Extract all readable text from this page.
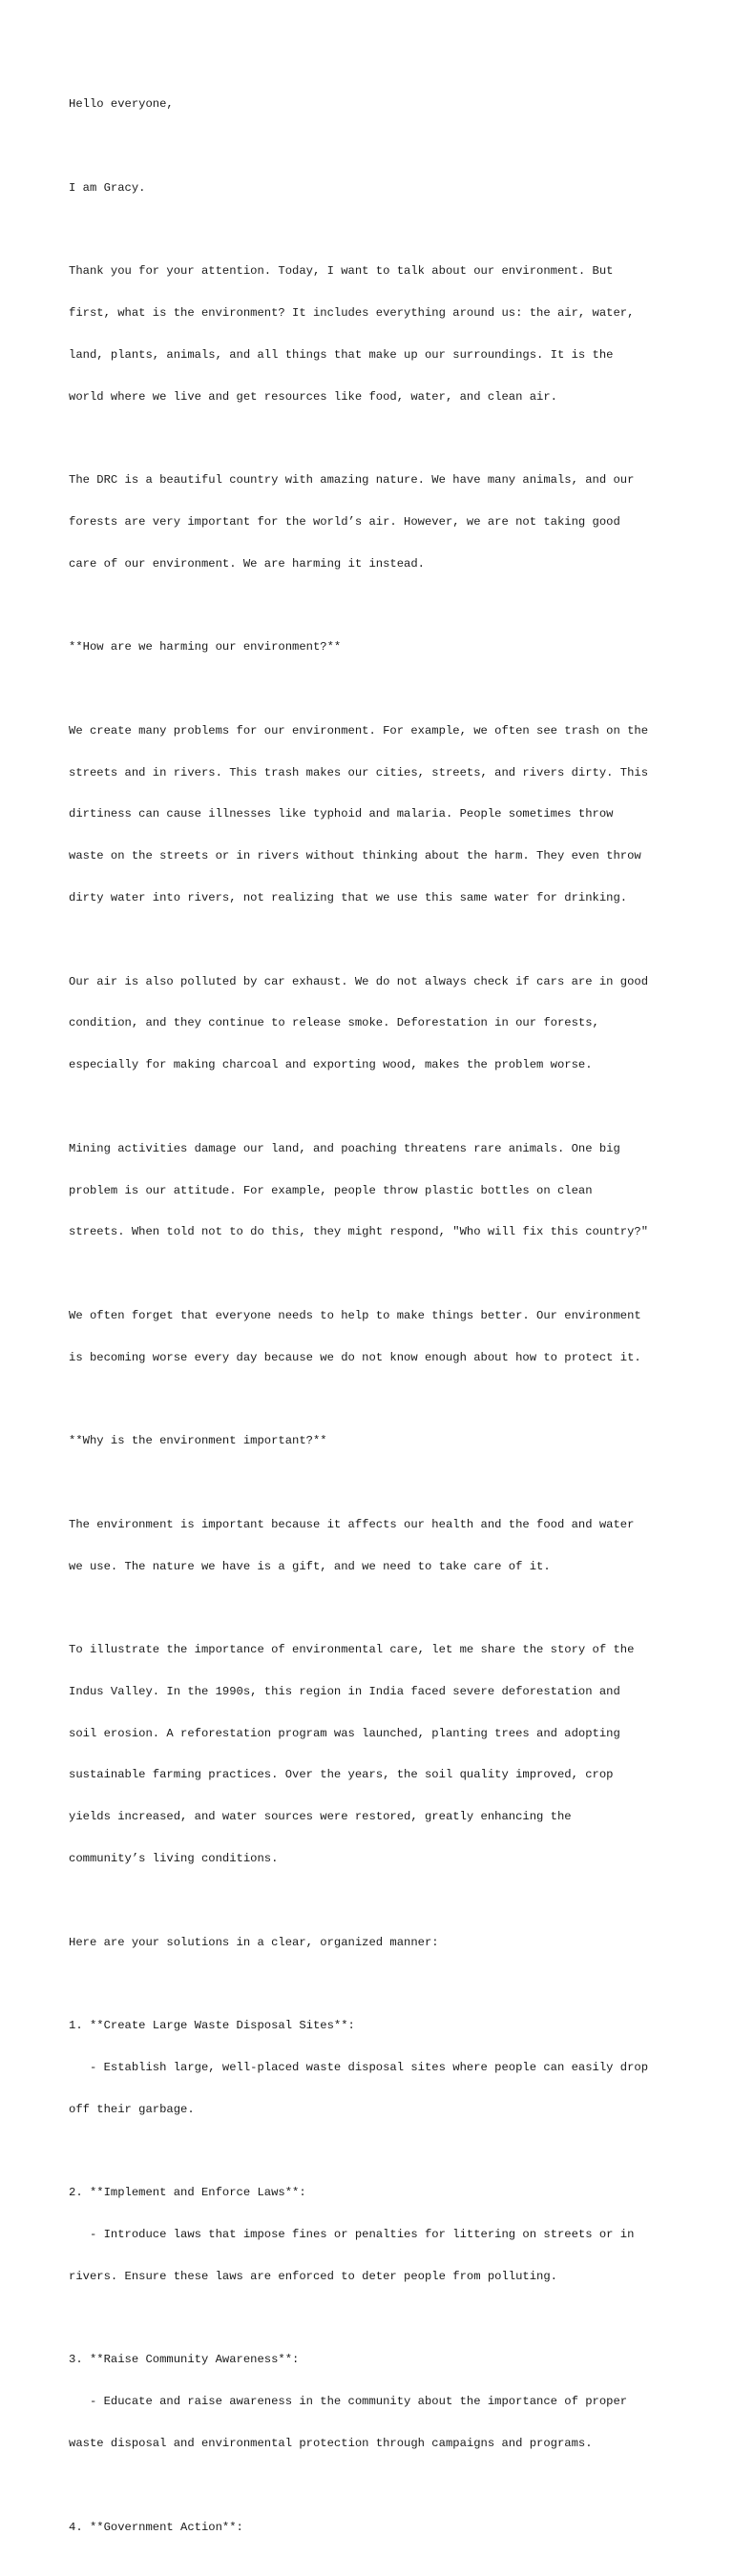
Hello everyone,

I am Gracy.

Thank you for your attention. Today, I want to talk about our environment. But

first, what is the environment? It includes everything around us: the air, water,

land, plants, animals, and all things that make up our surroundings. It is the

world where we live and get resources like food, water, and clean air.

The DRC is a beautiful country with amazing nature. We have many animals, and our

forests are very important for the world’s air. However, we are not taking good

care of our environment. We are harming it instead.

**How are we harming our environment?**

We create many problems for our environment. For example, we often see trash on the

streets and in rivers. This trash makes our cities, streets, and rivers dirty. This

dirtiness can cause illnesses like typhoid and malaria. People sometimes throw

waste on the streets or in rivers without thinking about the harm. They even throw

dirty water into rivers, not realizing that we use this same water for drinking.

Our air is also polluted by car exhaust. We do not always check if cars are in good

condition, and they continue to release smoke. Deforestation in our forests,

especially for making charcoal and exporting wood, makes the problem worse.

Mining activities damage our land, and poaching threatens rare animals. One big

problem is our attitude. For example, people throw plastic bottles on clean

streets. When told not to do this, they might respond, "Who will fix this country?"

We often forget that everyone needs to help to make things better. Our environment

is becoming worse every day because we do not know enough about how to protect it.

**Why is the environment important?**

The environment is important because it affects our health and the food and water

we use. The nature we have is a gift, and we need to take care of it.

To illustrate the importance of environmental care, let me share the story of the

Indus Valley. In the 1990s, this region in India faced severe deforestation and

soil erosion. A reforestation program was launched, planting trees and adopting

sustainable farming practices. Over the years, the soil quality improved, crop

yields increased, and water sources were restored, greatly enhancing the

community’s living conditions.

Here are your solutions in a clear, organized manner:

1. **Create Large Waste Disposal Sites**:

- Establish large, well-placed waste disposal sites where people can easily drop

off their garbage.

2. **Implement and Enforce Laws**:

- Introduce laws that impose fines or penalties for littering on streets or in

rivers. Ensure these laws are enforced to deter people from polluting.

3. **Raise Community Awareness**:

- Educate and raise awareness in the community about the importance of proper

waste disposal and environmental protection through campaigns and programs.

4. **Government Action**:
